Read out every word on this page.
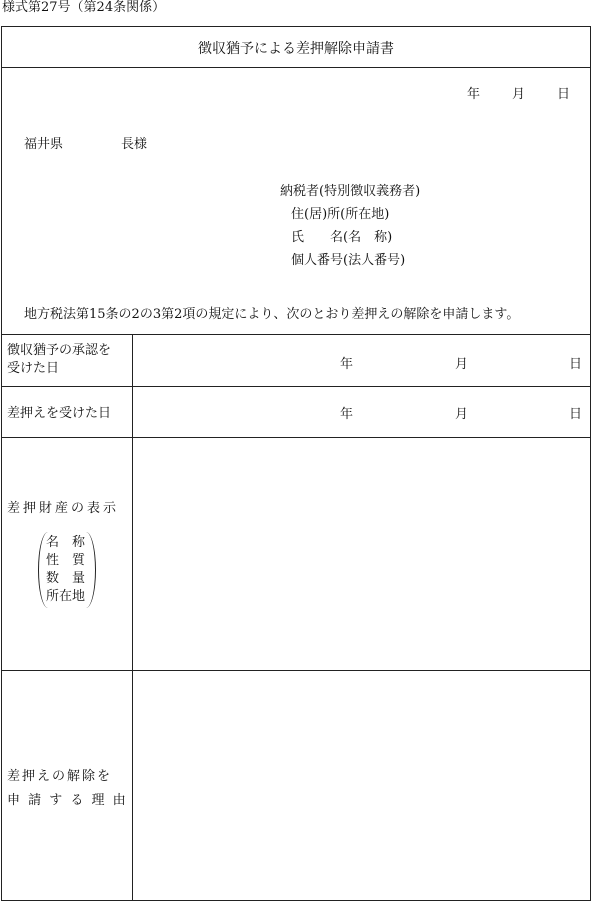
様式第27号（第24条関係）
徴収猶予による差押解除申請書
年 月 日
福井県	長様
納税者(特別徴収義務者)
住(居)所(所在地)
氏　　名(名　称)
個人番号(法人番号)
地方税法第15条の2の3第2項の規定により、次のとおり差押えの解除を申請します。
徴収猶予の承認を
受けた日	年	月	日
差押えを受けた日	年	月	日
差押財産の表示
名　称
性　質
数　量
所在地
差押えの解除を
申 請 す る 理 由
